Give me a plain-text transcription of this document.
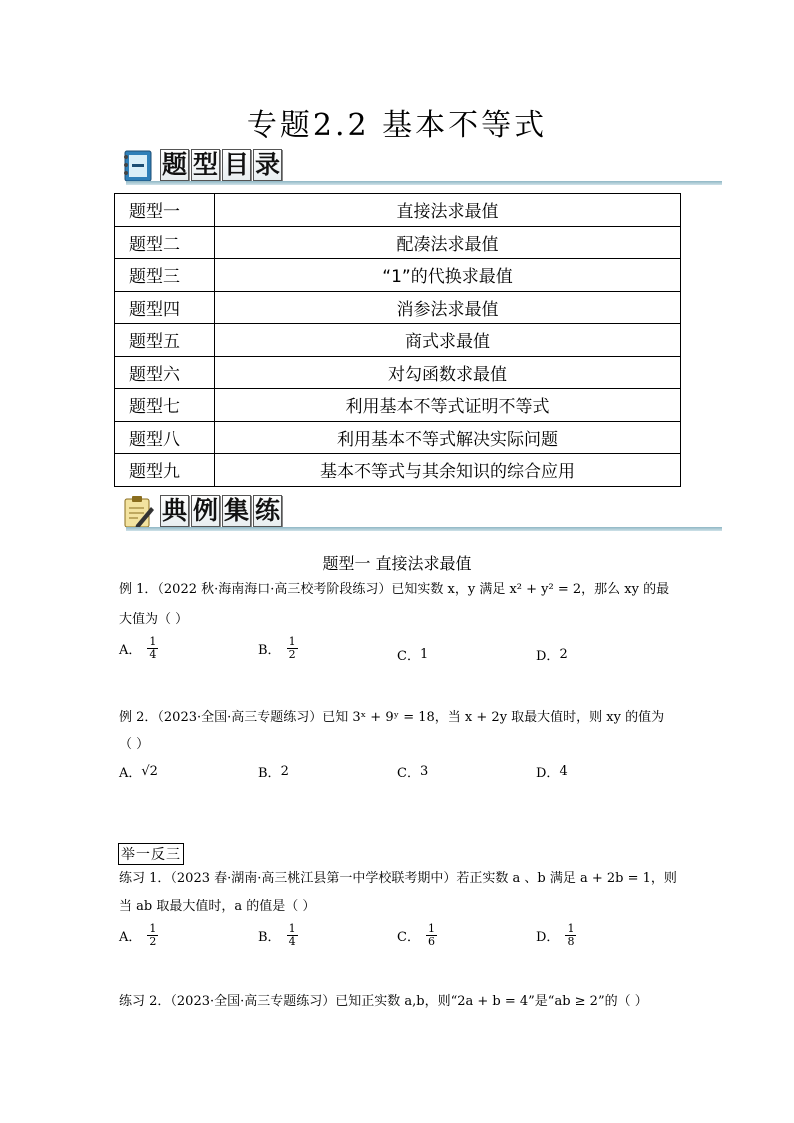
专题2.2 基本不等式
题 型 目 录
题型一	直接法求最值
题型二	配凑法求最值
题型三	“1”的代换求最值
题型四	消参法求最值
题型五	商式求最值
题型六	对勾函数求最值
题型七	利用基本不等式证明不等式
题型八	利用基本不等式解决实际问题
题型九	基本不等式与其余知识的综合应用
典 例 集 练
题型一 直接法求最值
例 1．（2022 秋·海南海口·高三校考阶段练习）已知实数 x，y 满足 x² + y² = 2，那么 xy 的最
大值为（ ）
A． $\frac{1}{4}$	B． $\frac{1}{2}$	C． 1	D． 2
例 2．（2023·全国·高三专题练习）已知 3ˣ + 9ʸ = 18，当 x + 2y 取最大值时，则 xy 的值为
（ ）
A． √2	B． 2	C． 3	D． 4
举一反三
练习 1．（2023 春·湖南·高三桃江县第一中学校联考期中）若正实数 a 、b 满足 a + 2b = 1，则
当 ab 取最大值时，a 的值是（ ）
A． $\frac{1}{2}$	B． $\frac{1}{4}$	C． $\frac{1}{6}$	D． $\frac{1}{8}$
练习 2．（2023·全国·高三专题练习）已知正实数 a,b，则“2a + b = 4”是“ab ≥ 2”的（ ）
